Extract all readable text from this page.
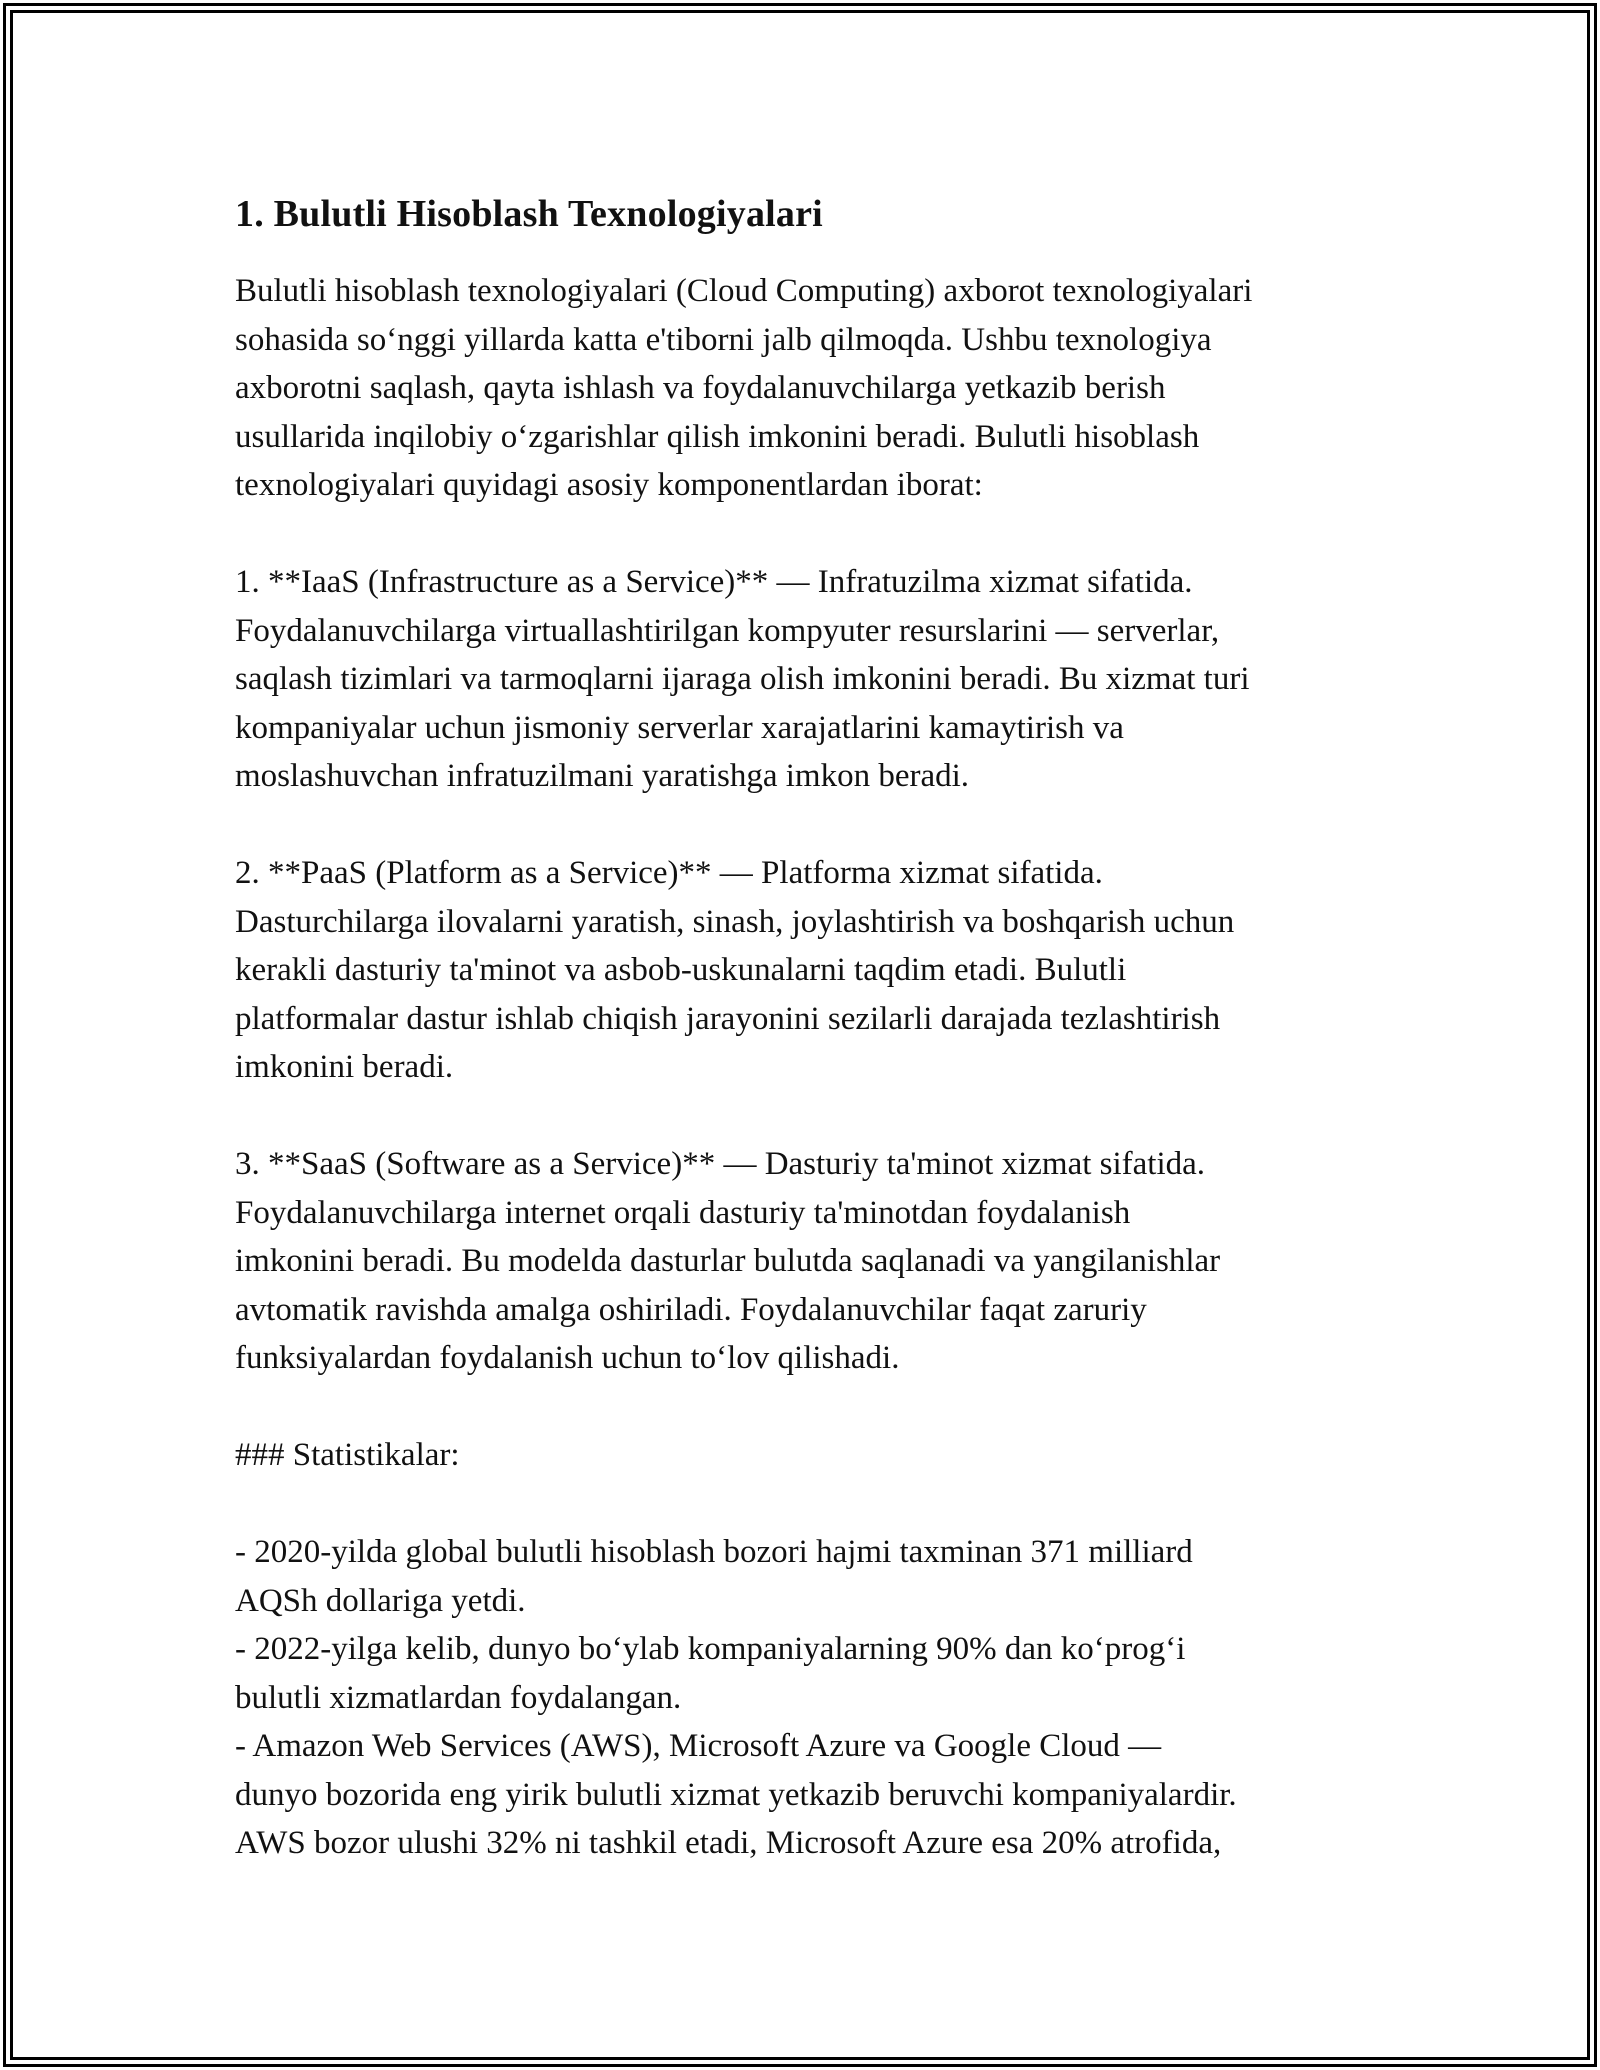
1. Bulutli Hisoblash Texnologiyalari

Bulutli hisoblash texnologiyalari (Cloud Computing) axborot texnologiyalari
sohasida so‘nggi yillarda katta e'tiborni jalb qilmoqda. Ushbu texnologiya
axborotni saqlash, qayta ishlash va foydalanuvchilarga yetkazib berish
usullarida inqilobiy o‘zgarishlar qilish imkonini beradi. Bulutli hisoblash
texnologiyalari quyidagi asosiy komponentlardan iborat:

1. **IaaS (Infrastructure as a Service)** — Infratuzilma xizmat sifatida.
Foydalanuvchilarga virtuallashtirilgan kompyuter resurslarini — serverlar,
saqlash tizimlari va tarmoqlarni ijaraga olish imkonini beradi. Bu xizmat turi
kompaniyalar uchun jismoniy serverlar xarajatlarini kamaytirish va
moslashuvchan infratuzilmani yaratishga imkon beradi.

2. **PaaS (Platform as a Service)** — Platforma xizmat sifatida.
Dasturchilarga ilovalarni yaratish, sinash, joylashtirish va boshqarish uchun
kerakli dasturiy ta'minot va asbob-uskunalarni taqdim etadi. Bulutli
platformalar dastur ishlab chiqish jarayonini sezilarli darajada tezlashtirish
imkonini beradi.

3. **SaaS (Software as a Service)** — Dasturiy ta'minot xizmat sifatida.
Foydalanuvchilarga internet orqali dasturiy ta'minotdan foydalanish
imkonini beradi. Bu modelda dasturlar bulutda saqlanadi va yangilanishlar
avtomatik ravishda amalga oshiriladi. Foydalanuvchilar faqat zaruriy
funksiyalardan foydalanish uchun to‘lov qilishadi.

### Statistikalar:

- 2020-yilda global bulutli hisoblash bozori hajmi taxminan 371 milliard
AQSh dollariga yetdi.
- 2022-yilga kelib, dunyo bo‘ylab kompaniyalarning 90% dan ko‘prog‘i
bulutli xizmatlardan foydalangan.
- Amazon Web Services (AWS), Microsoft Azure va Google Cloud —
dunyo bozorida eng yirik bulutli xizmat yetkazib beruvchi kompaniyalardir.
AWS bozor ulushi 32% ni tashkil etadi, Microsoft Azure esa 20% atrofida,
